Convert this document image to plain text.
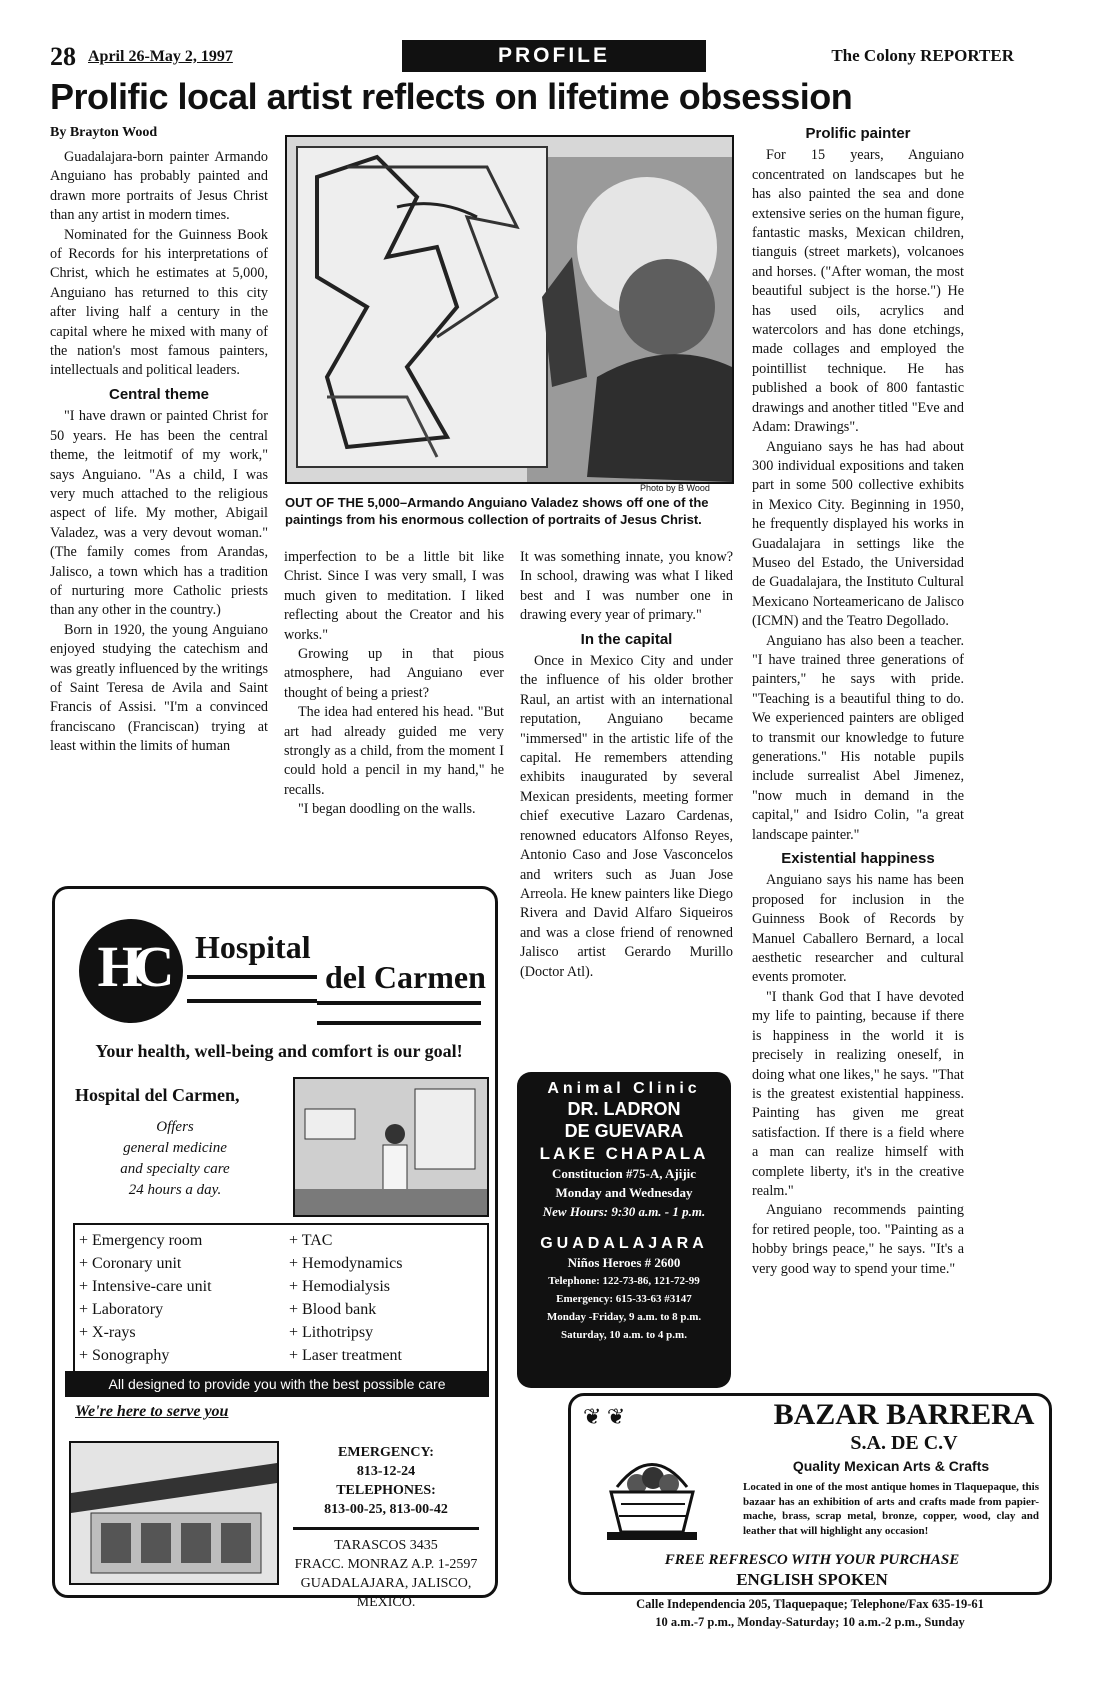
28 April 26-May 2, 1997	PROFILE	The Colony REPORTER
Prolific local artist reflects on lifetime obsession
By Brayton Wood

Guadalajara-born painter Armando Anguiano has probably painted and drawn more portraits of Jesus Christ than any artist in modern times.

Nominated for the Guinness Book of Records for his interpretations of Christ, which he estimates at 5,000, Anguiano has returned to this city after living half a century in the capital where he mixed with many of the nation's most famous painters, intellectuals and political leaders.

Central theme

"I have drawn or painted Christ for 50 years. He has been the central theme, the leitmotif of my work," says Anguiano. "As a child, I was very much attached to the religious aspect of life. My mother, Abigail Valadez, was a very devout woman." (The family comes from Arandas, Jalisco, a town which has a tradition of nurturing more Catholic priests than any other in the country.)

Born in 1920, the young Anguiano enjoyed studying the catechism and was greatly influenced by the writings of Saint Teresa de Avila and Saint Francis of Assisi. "I'm a convinced franciscano (Franciscan) trying at least within the limits of human

Photo by B Wood
OUT OF THE 5,000–Armando Anguiano Valadez shows off one of the paintings from his enormous collection of portraits of Jesus Christ.

imperfection to be a little bit like Christ. Since I was very small, I was much given to meditation. I liked reflecting about the Creator and his works."

Growing up in that pious atmosphere, had Anguiano ever thought of being a priest?

The idea had entered his head. "But art had already guided me very strongly as a child, from the moment I could hold a pencil in my hand," he recalls.

"I began doodling on the walls.

It was something innate, you know? In school, drawing was what I liked best and I was number one in drawing every year of primary."

In the capital

Once in Mexico City and under the influence of his older brother Raul, an artist with an international reputation, Anguiano became "immersed" in the artistic life of the capital. He remembers attending exhibits inaugurated by several Mexican presidents, meeting former chief executive Lazaro Cardenas, renowned educators Alfonso Reyes, Antonio Caso and Jose Vasconcelos and writers such as Juan Jose Arreola. He knew painters like Diego Rivera and David Alfaro Siqueiros and was a close friend of renowned Jalisco artist Gerardo Murillo (Doctor Atl).

Prolific painter

For 15 years, Anguiano concentrated on landscapes but he has also painted the sea and done extensive series on the human figure, fantastic masks, Mexican children, tianguis (street markets), volcanoes and horses. ("After woman, the most beautiful subject is the horse.") He has used oils, acrylics and watercolors and has done etchings, made collages and employed the pointillist technique. He has published a book of 800 fantastic drawings and another titled "Eve and Adam: Drawings".

Anguiano says he has had about 300 individual expositions and taken part in some 500 collective exhibits in Mexico City. Beginning in 1950, he frequently displayed his works in Guadalajara in settings like the Museo del Estado, the Universidad de Guadalajara, the Instituto Cultural Mexicano Norteamericano de Jalisco (ICMN) and the Teatro Degollado.

Anguiano has also been a teacher. "I have trained three generations of painters," he says with pride. "Teaching is a beautiful thing to do. We experienced painters are obliged to transmit our knowledge to future generations." His notable pupils include surrealist Abel Jimenez, "now much in demand in the capital," and Isidro Colin, "a great landscape painter."

Existential happiness

Anguiano says his name has been proposed for inclusion in the Guinness Book of Records by Manuel Caballero Bernard, a local aesthetic researcher and cultural events promoter.

"I thank God that I have devoted my life to painting, because if there is happiness in the world it is precisely in realizing oneself, in doing what one likes," he says. "That is the greatest existential happiness. Painting has given me great satisfaction. If there is a field where a man can realize himself with complete liberty, it's in the creative realm."

Anguiano recommends painting for retired people, too. "Painting as a hobby brings peace," he says. "It's a very good way to spend your time."

HC Hospital
del Carmen
Your health, well-being and comfort is our goal!
Hospital del Carmen,
Offers
general medicine
and specialty care
24 hours a day.
+ Emergency room
+ Coronary unit
+ Intensive-care unit
+ Laboratory
+ X-rays
+ Sonography
+ TAC
+ Hemodynamics
+ Hemodialysis
+ Blood bank
+ Lithotripsy
+ Laser treatment
All designed to provide you with the best possible care
We're here to serve you
EMERGENCY:
813-12-24
TELEPHONES:
813-00-25, 813-00-42
TARASCOS 3435
FRACC. MONRAZ A.P. 1-2597
GUADALAJARA, JALISCO,
MEXICO.
Animal Clinic
DR. LADRON
DE GUEVARA
LAKE CHAPALA
Constitucion #75-A, Ajijic
Monday and Wednesday
New Hours: 9:30 a.m. - 1 p.m.
GUADALAJARA
Niños Heroes # 2600
Telephone: 122-73-86, 121-72-99
Emergency: 615-33-63 #3147
Monday -Friday, 9 a.m. to 8 p.m.
Saturday, 10 a.m. to 4 p.m.
❦ ❦	BAZAR BARRERA
S.A. DE C.V
Quality Mexican Arts & Crafts
Located in one of the most antique homes in Tlaquepaque, this bazaar has an exhibition of arts and crafts made from papier-mache, brass, scrap metal, bronze, copper, wood, clay and leather that will highlight any occasion!
FREE REFRESCO WITH YOUR PURCHASE
ENGLISH SPOKEN
Calle Independencia 205, Tlaquepaque; Telephone/Fax 635-19-61
10 a.m.-7 p.m., Monday-Saturday; 10 a.m.-2 p.m., Sunday
